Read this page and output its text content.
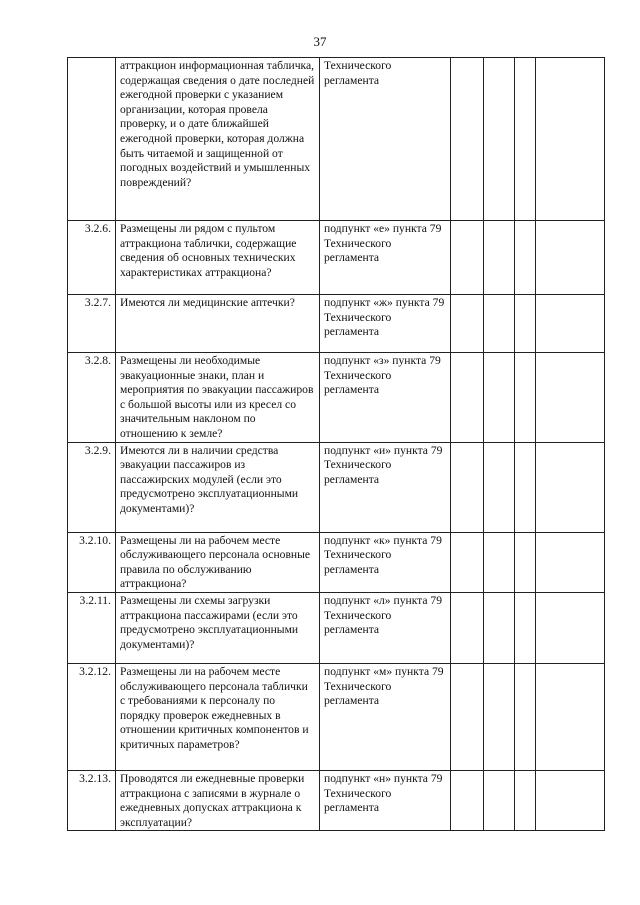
37
	аттракцион информационная табличка, содержащая сведения о дате последней ежегодной проверки с указанием организации, которая провела проверку, и о дате ближайшей ежегодной проверки, которая должна быть читаемой и защищенной от погодных воздействий и умышленных повреждений?	Технического регламента				
3.2.6.	Размещены ли рядом с пультом аттракциона таблички, содержащие сведения об основных технических характеристиках аттракциона?	подпункт «е» пункта 79 Технического регламента				
3.2.7.	Имеются ли медицинские аптечки?	подпункт «ж» пункта 79 Технического регламента				
3.2.8.	Размещены ли необходимые эвакуационные знаки, план и мероприятия по эвакуации пассажиров с большой высоты или из кресел со значительным наклоном по отношению к земле?	подпункт «з» пункта 79 Технического регламента				
3.2.9.	Имеются ли в наличии средства эвакуации пассажиров из пассажирских модулей (если это предусмотрено эксплуатационными документами)?	подпункт «и» пункта 79 Технического регламента				
3.2.10.	Размещены ли на рабочем месте обслуживающего персонала основные правила по обслуживанию аттракциона?	подпункт «к» пункта 79 Технического регламента				
3.2.11.	Размещены ли схемы загрузки аттракциона пассажирами (если это предусмотрено эксплуатационными документами)?	подпункт «л» пункта 79 Технического регламента				
3.2.12.	Размещены ли на рабочем месте обслуживающего персонала таблички с требованиями к персоналу по порядку проверок ежедневных в отношении критичных компонентов и критичных параметров?	подпункт «м» пункта 79 Технического регламента				
3.2.13.	Проводятся ли ежедневные проверки аттракциона с записями в журнале о ежедневных допусках аттракциона к эксплуатации?	подпункт «н» пункта 79 Технического регламента				
